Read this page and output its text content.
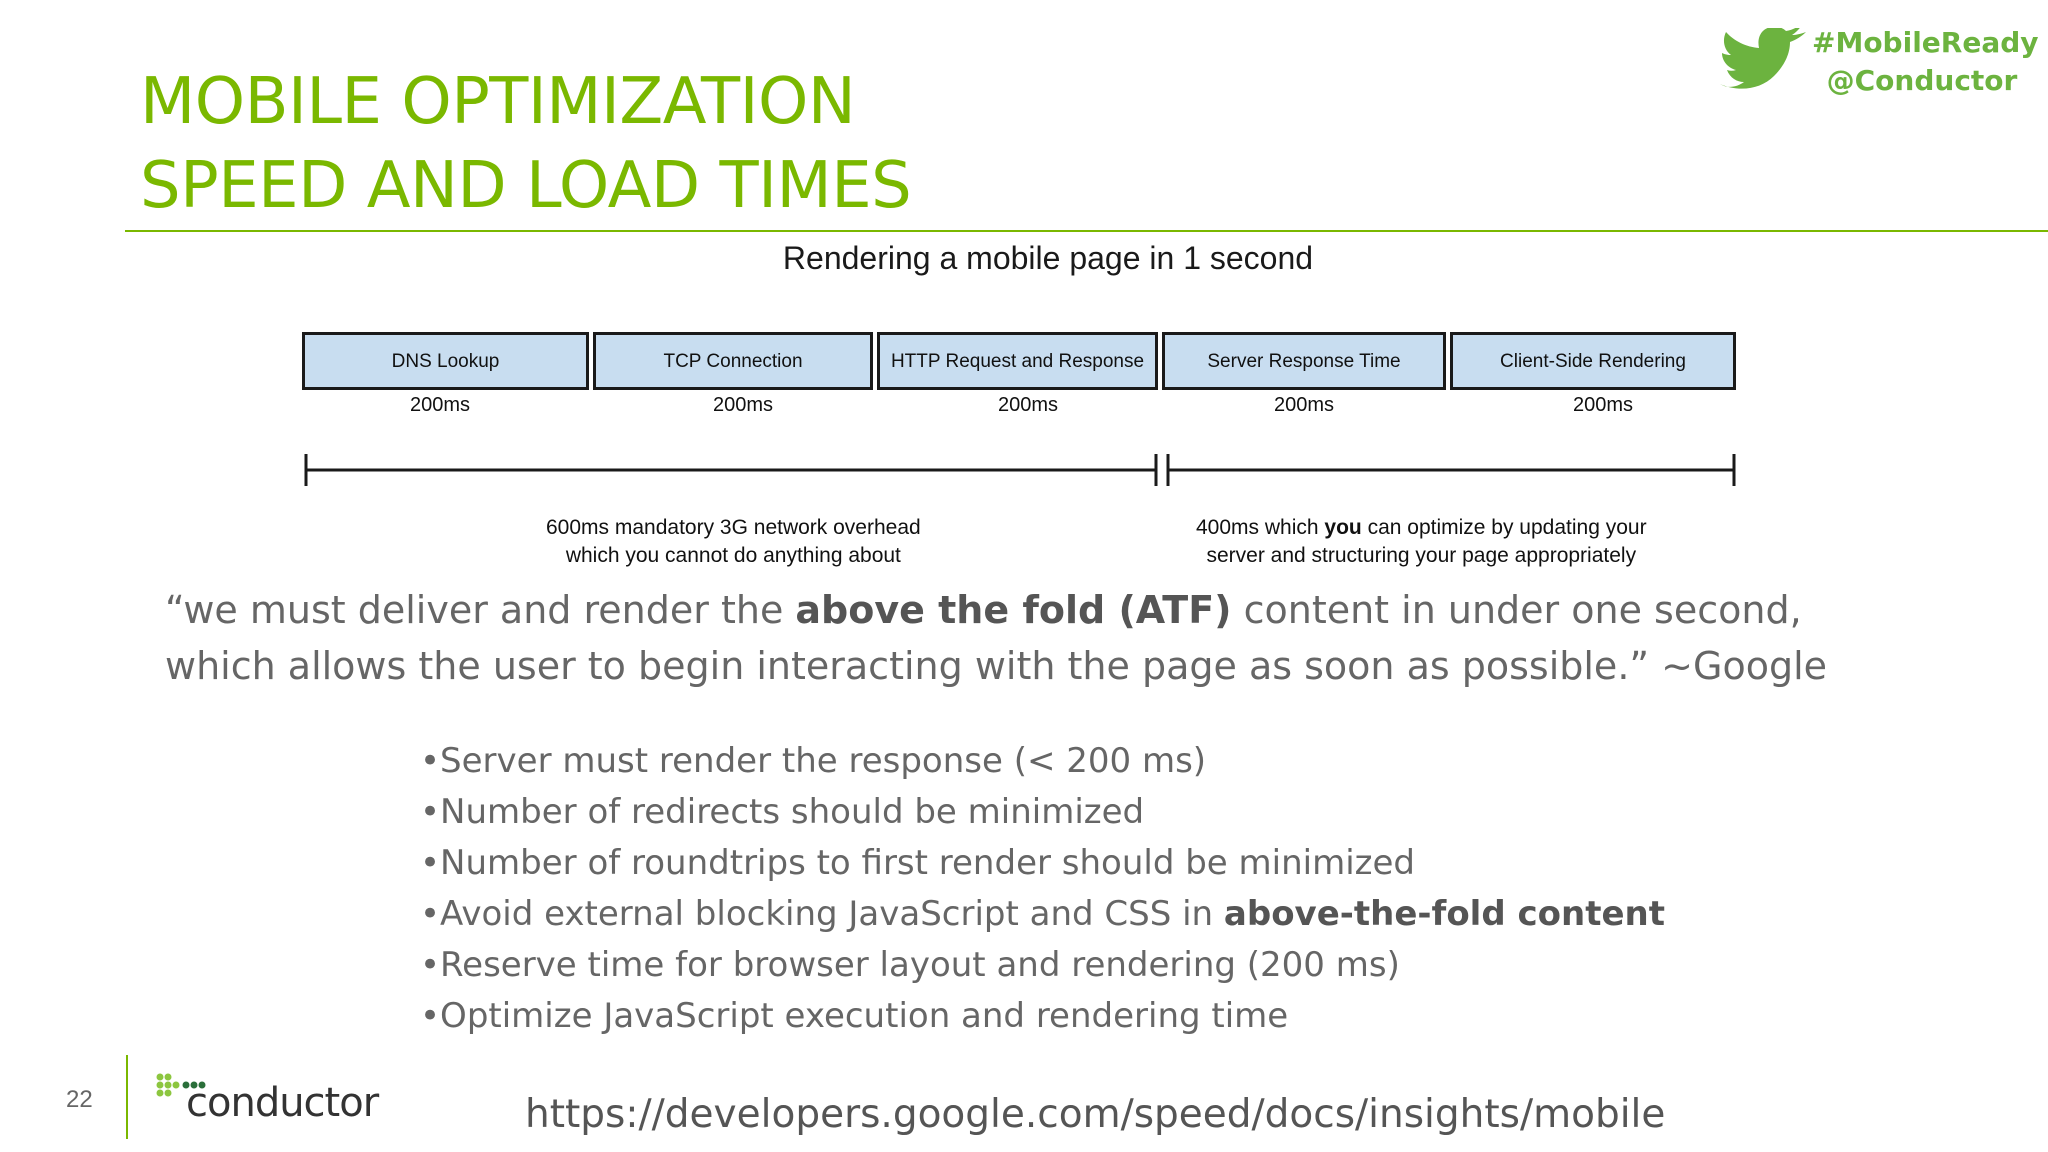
MOBILE OPTIMIZATION
SPEED AND LOAD TIMES
#MobileReady
@Conductor
Rendering a mobile page in 1 second
DNS Lookup	TCP Connection	HTTP Request and Response	Server Response Time	Client-Side Rendering
200ms	200ms	200ms	200ms	200ms
600ms mandatory 3G network overhead
which you cannot do anything about
400ms which you can optimize by updating your
server and structuring your page appropriately
“we must deliver and render the above the fold (ATF) content in under one second, which allows the user to begin interacting with the page as soon as possible.” ~Google
•Server must render the response (< 200 ms)
•Number of redirects should be minimized
•Number of roundtrips to first render should be minimized
•Avoid external blocking JavaScript and CSS in above-the-fold content
•Reserve time for browser layout and rendering (200 ms)
•Optimize JavaScript execution and rendering time
22 conductor	https://developers.google.com/speed/docs/insights/mobile
